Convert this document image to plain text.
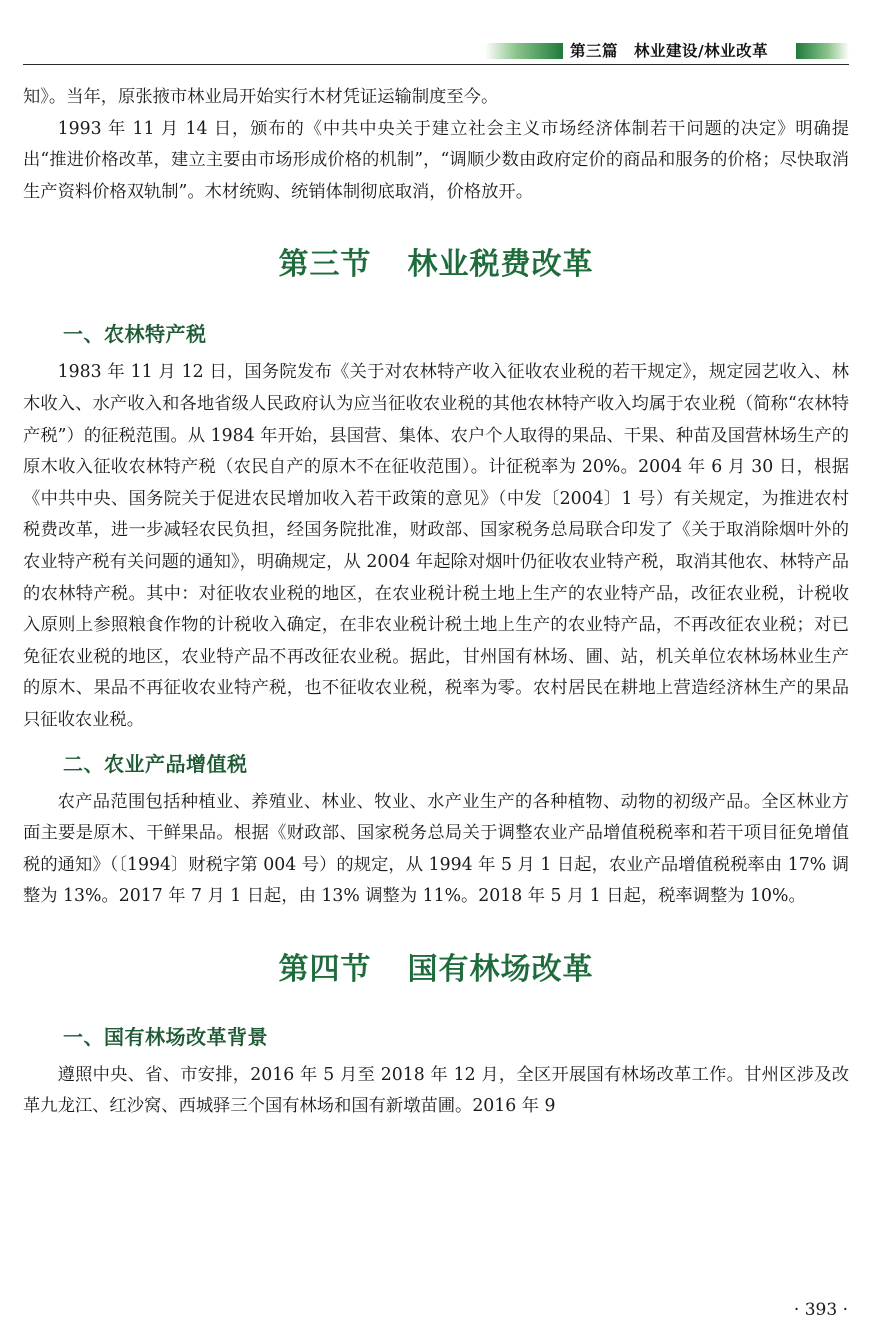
第三篇　林业建设/林业改革

知》。当年，原张掖市林业局开始实行木材凭证运输制度至今。

1993 年 11 月 14 日，颁布的《中共中央关于建立社会主义市场经济体制若干问题的决定》明确提出“推进价格改革，建立主要由市场形成价格的机制”，“调顺少数由政府定价的商品和服务的价格；尽快取消生产资料价格双轨制”。木材统购、统销体制彻底取消，价格放开。

第三节 林业税费改革
一、农林特产税

1983 年 11 月 12 日，国务院发布《关于对农林特产收入征收农业税的若干规定》，规定园艺收入、林木收入、水产收入和各地省级人民政府认为应当征收农业税的其他农林特产收入均属于农业税（简称“农林特产税”）的征税范围。从 1984 年开始，县国营、集体、农户个人取得的果品、干果、种苗及国营林场生产的原木收入征收农林特产税（农民自产的原木不在征收范围）。计征税率为 20%。2004 年 6 月 30 日，根据《中共中央、国务院关于促进农民增加收入若干政策的意见》（中发〔2004〕1 号）有关规定，为推进农村税费改革，进一步减轻农民负担，经国务院批准，财政部、国家税务总局联合印发了《关于取消除烟叶外的农业特产税有关问题的通知》，明确规定，从 2004 年起除对烟叶仍征收农业特产税，取消其他农、林特产品的农林特产税。其中：对征收农业税的地区，在农业税计税土地上生产的农业特产品，改征农业税，计税收入原则上参照粮食作物的计税收入确定，在非农业税计税土地上生产的农业特产品，不再改征农业税；对已免征农业税的地区，农业特产品不再改征农业税。据此，甘州国有林场、圃、站，机关单位农林场林业生产的原木、果品不再征收农业特产税，也不征收农业税，税率为零。农村居民在耕地上营造经济林生产的果品只征收农业税。

二、农业产品增值税

农产品范围包括种植业、养殖业、林业、牧业、水产业生产的各种植物、动物的初级产品。全区林业方面主要是原木、干鲜果品。根据《财政部、国家税务总局关于调整农业产品增值税税率和若干项目征免增值税的通知》（〔1994〕财税字第 004 号）的规定，从 1994 年 5 月 1 日起，农业产品增值税税率由 17% 调整为 13%。2017 年 7 月 1 日起，由 13% 调整为 11%。2018 年 5 月 1 日起，税率调整为 10%。

第四节 国有林场改革
一、国有林场改革背景

遵照中央、省、市安排，2016 年 5 月至 2018 年 12 月，全区开展国有林场改革工作。甘州区涉及改革九龙江、红沙窝、西城驿三个国有林场和国有新墩苗圃。2016 年 9

· 393 ·
